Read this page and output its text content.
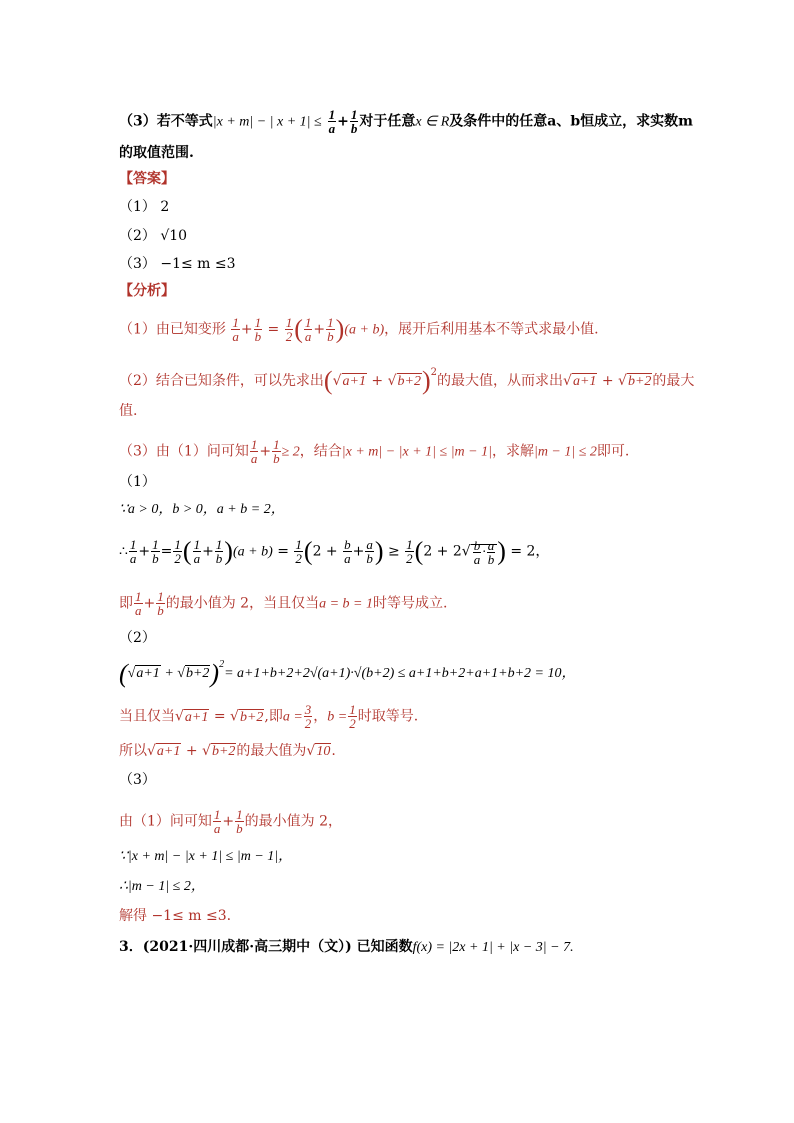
（3）若不等式|x + m| − | $x + 1| \le \frac{1}{a} + \frac{1}{b}$ 对于任意x ∈ R及条件中的任意a、b恒成立，求实数m
的取值范围.
【答案】
（1） 2
（2） √10
（3） −1≤ m ≤3
【分析】
（1）由已知变形 $\frac{1}{a} + \frac{1}{b} = \frac{1}{2}$ ( $\frac{1}{a} + \frac{1}{b} )(a + b)$，展开后利用基本不等式求最小值.
（2）结合已知条件，可以先求出$(√a+1 + √b+2)^2$的最大值，从而求出√a+1 + √b+2的最大
值.
（3）由（1）问可知 $\frac{1}{a} + \frac{1}{b} \ge 2$，结合|x + m| − |x + 1| ≤ |m − 1|，求解|m − 1| ≤ 2即可.
（1）
∵a > 0，b > 0，a + b = 2，
∴ $\frac{1}{a} + \frac{1}{b} = \frac{1}{2}$ ( $\frac{1}{a} + \frac{1}{b} )(a + b) = \frac{1}{2} (2 + \frac{b}{a} + \frac{a}{b}$ ) ≥ $\frac{1}{2} (2 + 2√ \frac{b}{a} \cdot \frac{a}{b}$ ) = 2，
即 $\frac{1}{a} + \frac{1}{b}$ 的最小值为 2，当且仅当a = b = 1时等号成立.
（2）
$(√a+1 + √b+2)^2= a+1+b+2+2√(a+1)\cdot√(b+2) \le a+1+b+2+a+1+b+2 = 10$，
当且仅当√a+1 = √b+2,即$a = \frac{3}{2}$ ，$b = \frac{1}{2}$ 时取等号.
所以√a+1 + √b+2的最大值为√10.
（3）
由（1）问可知 $\frac{1}{a} + \frac{1}{b}$ 的最小值为 2，
∵|x + m| − |x + 1| ≤ |m − 1|，
∴|m − 1| ≤ 2，
解得 −1≤ m ≤3.
3．(2021·四川成都·高三期中（文）) 已知函数f(x) = |2x + 1| + |x − 3| − 7.
